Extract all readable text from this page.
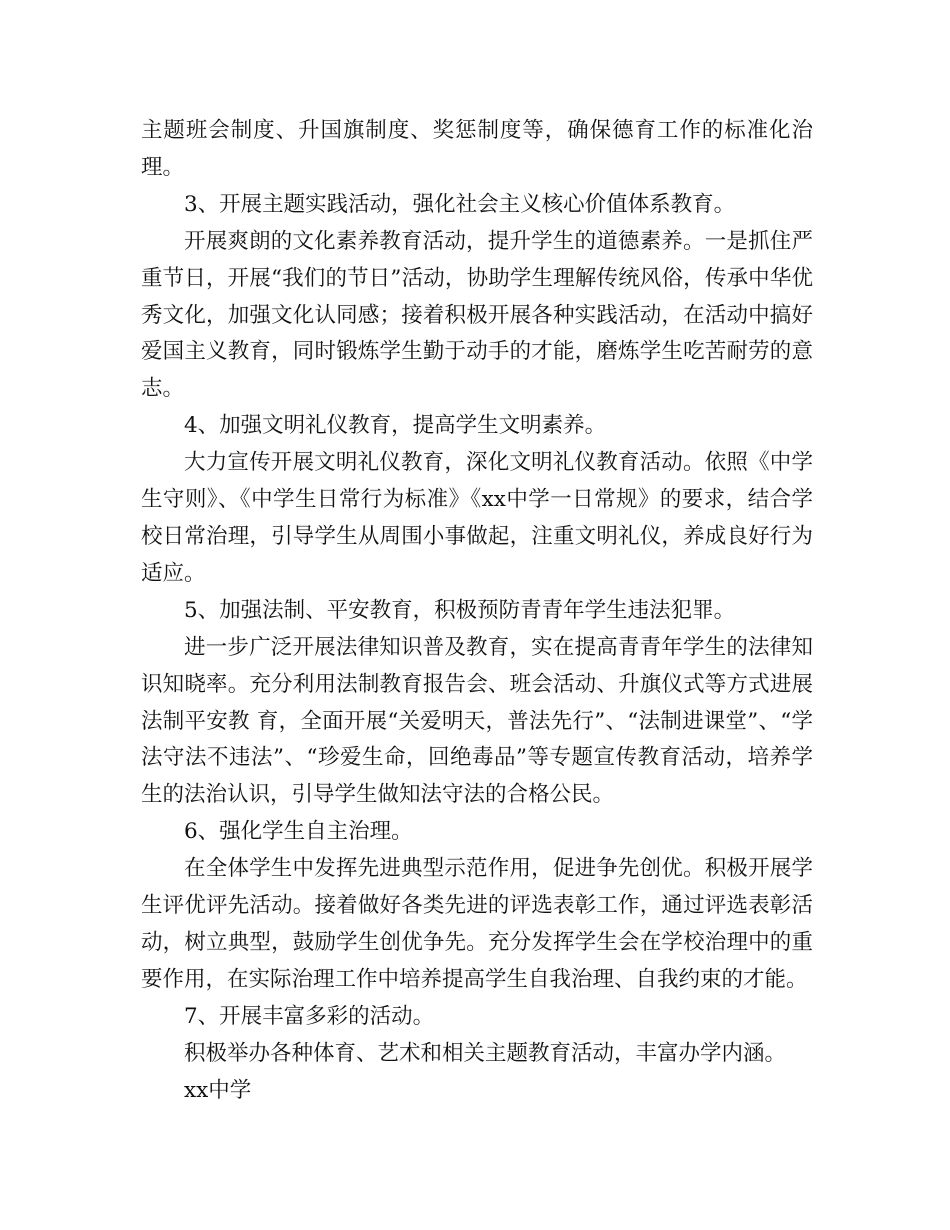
主题班会制度、升国旗制度、奖惩制度等，确保德育工作的标准化治理。

3、开展主题实践活动，强化社会主义核心价值体系教育。

开展爽朗的文化素养教育活动，提升学生的道德素养。一是抓住严重节日，开展“我们的节日”活动，协助学生理解传统风俗，传承中华优秀文化，加强文化认同感；接着积极开展各种实践活动，在活动中搞好爱国主义教育，同时锻炼学生勤于动手的才能，磨炼学生吃苦耐劳的意志。

4、加强文明礼仪教育，提高学生文明素养。

大力宣传开展文明礼仪教育，深化文明礼仪教育活动。依照《中学生守则》、《中学生日常行为标准》《xx中学一日常规》的要求，结合学校日常治理，引导学生从周围小事做起，注重文明礼仪，养成良好行为适应。

5、加强法制、平安教育，积极预防青青年学生违法犯罪。

进一步广泛开展法律知识普及教育，实在提高青青年学生的法律知识知晓率。充分利用法制教育报告会、班会活动、升旗仪式等方式进展法制平安教 育，全面开展“关爱明天，普法先行”、“法制进课堂”、“学法守法不违法”、“珍爱生命，回绝毒品”等专题宣传教育活动，培养学生的法治认识，引导学生做知法守法的合格公民。

6、强化学生自主治理。

在全体学生中发挥先进典型示范作用，促进争先创优。积极开展学生评优评先活动。接着做好各类先进的评选表彰工作，通过评选表彰活动，树立典型，鼓励学生创优争先。充分发挥学生会在学校治理中的重要作用，在实际治理工作中培养提高学生自我治理、自我约束的才能。

7、开展丰富多彩的活动。

积极举办各种体育、艺术和相关主题教育活动，丰富办学内涵。

xx中学
